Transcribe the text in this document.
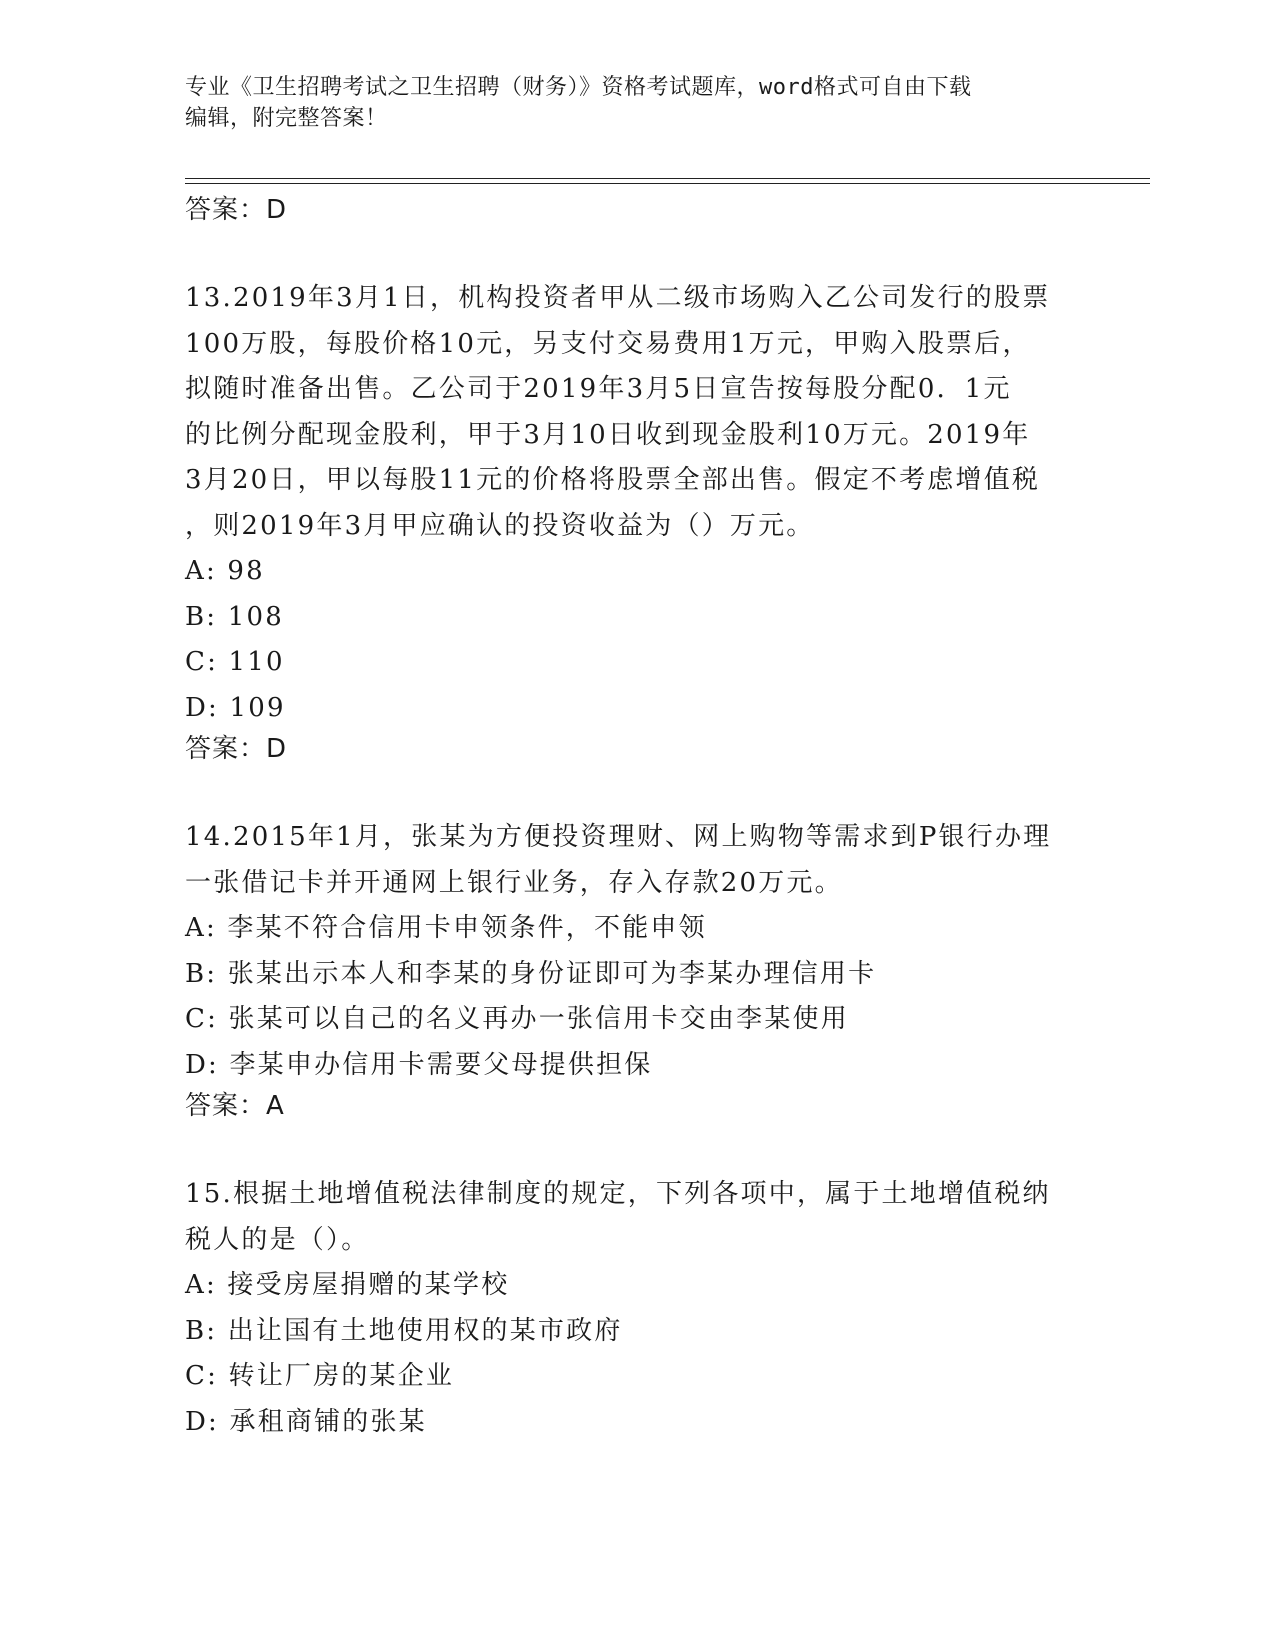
专业《卫生招聘考试之卫生招聘（财务）》资格考试题库，word格式可自由下载
编辑，附完整答案！

答案：D

13.2019年3月1日，机构投资者甲从二级市场购入乙公司发行的股票
100万股，每股价格10元，另支付交易费用1万元，甲购入股票后，
拟随时准备出售。乙公司于2019年3月5日宣告按每股分配0．1元
的比例分配现金股利，甲于3月10日收到现金股利10万元。2019年
3月20日，甲以每股11元的价格将股票全部出售。假定不考虑增值税
，则2019年3月甲应确认的投资收益为（）万元。

A: 98

B: 108

C: 110

D: 109

答案：D

14.2015年1月，张某为方便投资理财、网上购物等需求到P银行办理
一张借记卡并开通网上银行业务，存入存款20万元。

A: 李某不符合信用卡申领条件，不能申领

B: 张某出示本人和李某的身份证即可为李某办理信用卡

C: 张某可以自己的名义再办一张信用卡交由李某使用

D: 李某申办信用卡需要父母提供担保

答案：A

15.根据土地增值税法律制度的规定，下列各项中，属于土地增值税纳
税人的是（）。

A: 接受房屋捐赠的某学校

B: 出让国有土地使用权的某市政府

C: 转让厂房的某企业

D: 承租商铺的张某
